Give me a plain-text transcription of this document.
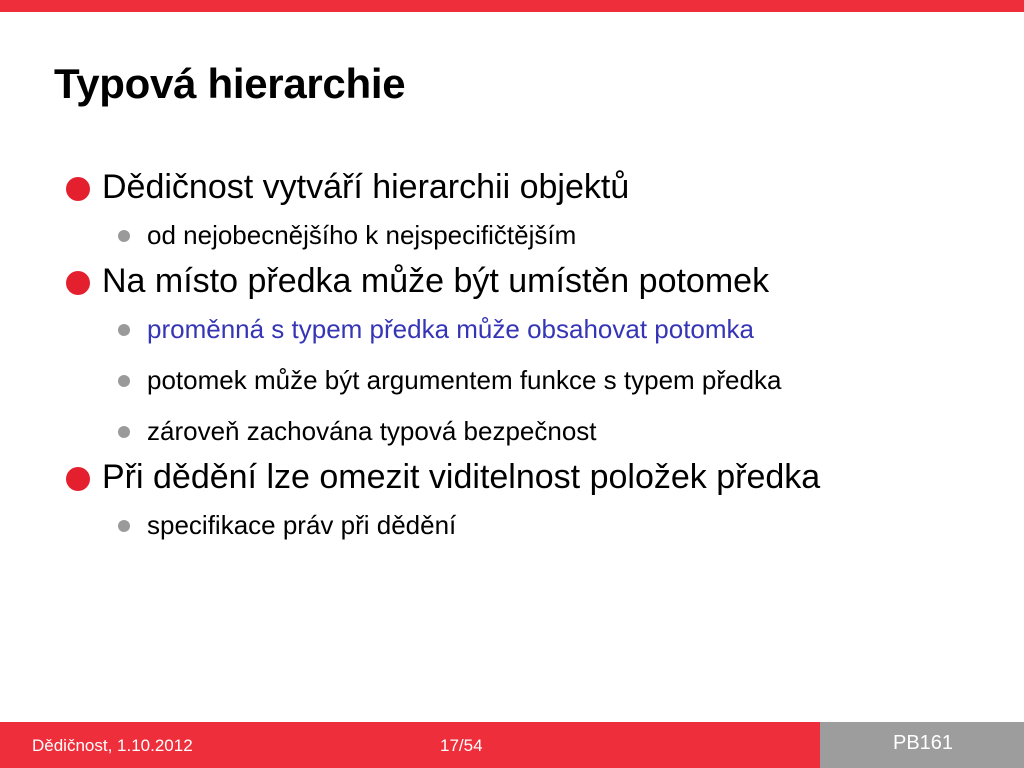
Typová hierarchie
Dědičnost vytváří hierarchii objektů
od nejobecnějšího k nejspecifičtějším
Na místo předka může být umístěn potomek
proměnná s typem předka může obsahovat potomka
potomek může být argumentem funkce s typem předka
zároveň zachována typová bezpečnost
Při dědění lze omezit viditelnost položek předka
specifikace práv při dědění
Dědičnost, 1.10.2012	17/54	PB161
